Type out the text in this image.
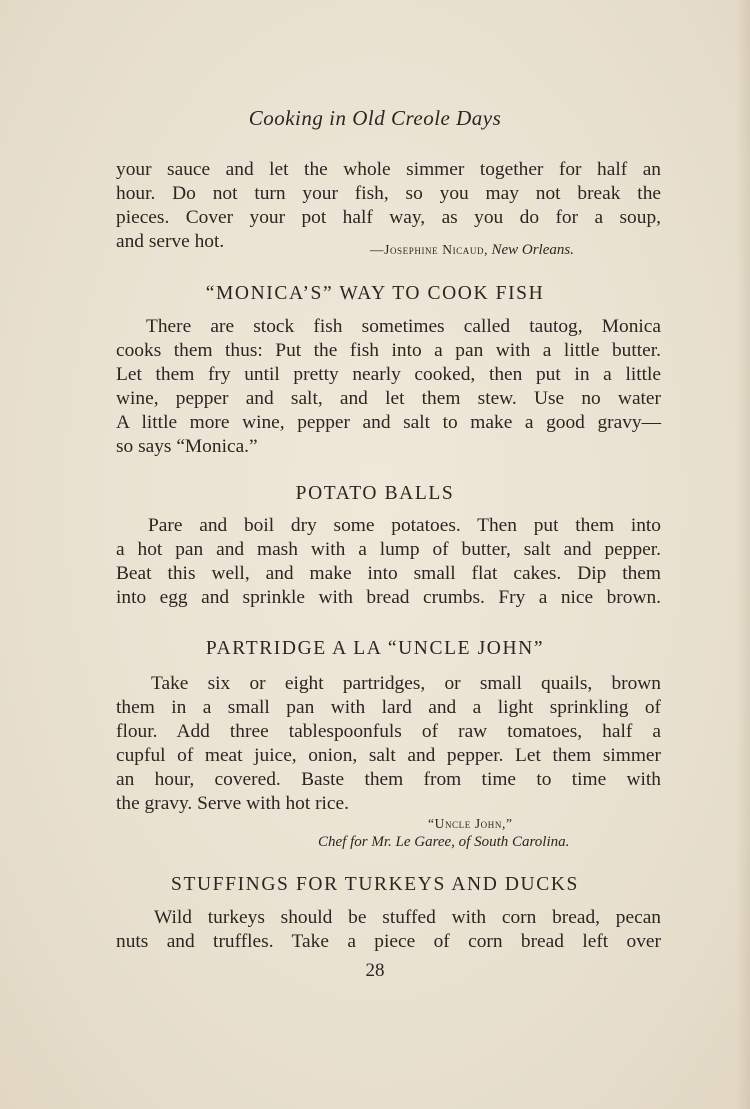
Cooking in Old Creole Days
your sauce and let the whole simmer together for half an
hour. Do not turn your fish, so you may not break the
pieces. Cover your pot half way, as you do for a soup,
and serve hot.	—Josephine Nicaud, New Orleans.
“MONICA’S” WAY TO COOK FISH
There are stock fish sometimes called tautog, Monica
cooks them thus: Put the fish into a pan with a little butter.
Let them fry until pretty nearly cooked, then put in a little
wine, pepper and salt, and let them stew. Use no water
A little more wine, pepper and salt to make a good gravy—
so says “Monica.”
POTATO BALLS
Pare and boil dry some potatoes. Then put them into
a hot pan and mash with a lump of butter, salt and pepper.
Beat this well, and make into small flat cakes. Dip them
into egg and sprinkle with bread crumbs. Fry a nice brown.
PARTRIDGE A LA “UNCLE JOHN”
Take six or eight partridges, or small quails, brown
them in a small pan with lard and a light sprinkling of
flour. Add three tablespoonfuls of raw tomatoes, half a
cupful of meat juice, onion, salt and pepper. Let them simmer
an hour, covered. Baste them from time to time with
the gravy. Serve with hot rice.
“Uncle John,”
Chef for Mr. Le Garee, of South Carolina.
STUFFINGS FOR TURKEYS AND DUCKS
Wild turkeys should be stuffed with corn bread, pecan
nuts and truffles. Take a piece of corn bread left over
28
